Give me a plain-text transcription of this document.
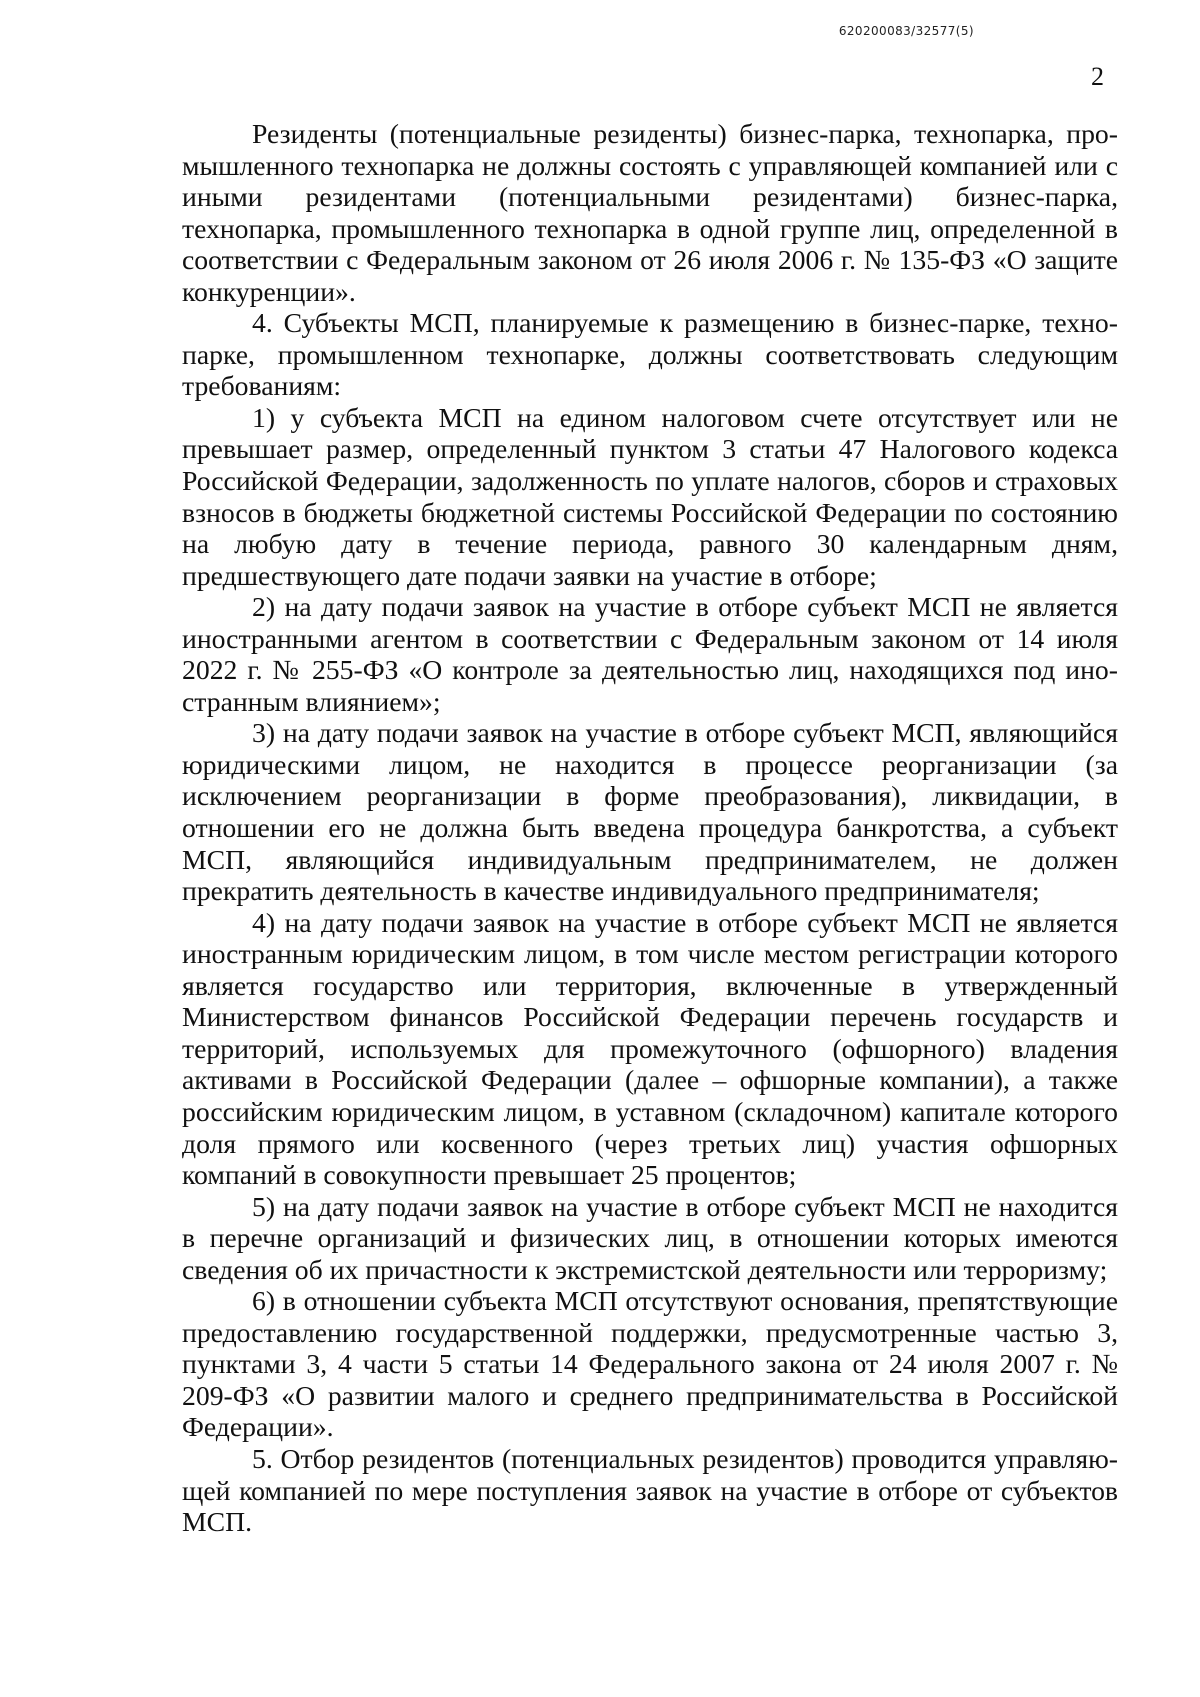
620200083/32577(5)
2

Резиденты (потенциальные резиденты) бизнес-парка, технопарка, промышленного технопарка не должны состоять с управляющей компанией или с иными резидентами (потенциальными резидентами) бизнес-парка, технопарка, промышленного технопарка в одной группе лиц, определенной в соответствии с Федеральным законом от 26 июля 2006 г. № 135-ФЗ «О защите конкуренции».

4. Субъекты МСП, планируемые к размещению в бизнес-парке, технопарке, промышленном технопарке, должны соответствовать следующим требованиям:

1) у субъекта МСП на едином налоговом счете отсутствует или не превышает размер, определенный пунктом 3 статьи 47 Налогового кодекса Российской Федерации, задолженность по уплате налогов, сборов и страховых взносов в бюджеты бюджетной системы Российской Федерации по состоянию на любую дату в течение периода, равного 30 календарным дням, предшествующего дате подачи заявки на участие в отборе;

2) на дату подачи заявок на участие в отборе субъект МСП не является иностранными агентом в соответствии с Федеральным законом от 14 июля 2022 г. № 255-ФЗ «О контроле за деятельностью лиц, находящихся под иностранным влиянием»;

3) на дату подачи заявок на участие в отборе субъект МСП, являющийся юридическими лицом, не находится в процессе реорганизации (за исключением реорганизации в форме преобразования), ликвидации, в отношении его не должна быть введена процедура банкротства, а субъект МСП, являющийся индивидуальным предпринимателем, не должен прекратить деятельность в качестве индивидуального предпринимателя;

4) на дату подачи заявок на участие в отборе субъект МСП не является иностранным юридическим лицом, в том числе местом регистрации которого является государство или территория, включенные в утвержденный Министерством финансов Российской Федерации перечень государств и территорий, используемых для промежуточного (офшорного) владения активами в Российской Федерации (далее – офшорные компании), а также российским юридическим лицом, в уставном (складочном) капитале которого доля прямого или косвенного (через третьих лиц) участия офшорных компаний в совокупности превышает 25 процентов;

5) на дату подачи заявок на участие в отборе субъект МСП не находится в перечне организаций и физических лиц, в отношении которых имеются сведения об их причастности к экстремистской деятельности или терроризму;

6) в отношении субъекта МСП отсутствуют основания, препятствующие предоставлению государственной поддержки, предусмотренные частью 3, пунктами 3, 4 части 5 статьи 14 Федерального закона от 24 июля 2007 г. № 209-ФЗ «О развитии малого и среднего предпринимательства в Российской Федерации».

5. Отбор резидентов (потенциальных резидентов) проводится управляющей компанией по мере поступления заявок на участие в отборе от субъектов МСП.
